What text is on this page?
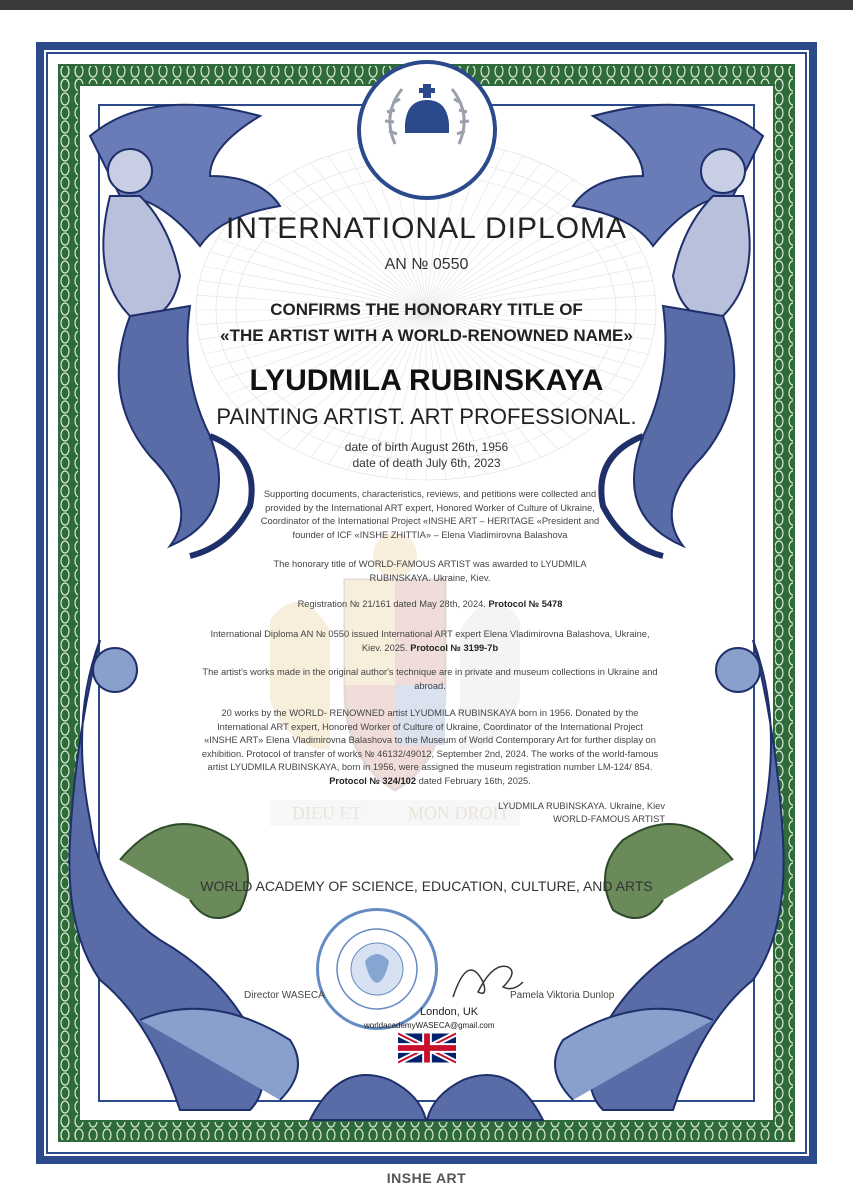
DIEU ET	MON DROIT
INTERNATIONAL DIPLOMA
AN № 0550
CONFIRMS THE HONORARY TITLE OF
«THE ARTIST WITH A WORLD-RENOWNED NAME»
LYUDMILA RUBINSKAYA
PAINTING ARTIST. ART PROFESSIONAL.
date of birth August 26th, 1956
date of death July 6th, 2023
Supporting documents, characteristics, reviews, and petitions were collected and provided by the International ART expert, Honored Worker of Culture of Ukraine, Coordinator of the International Project «INSHE ART – HERITAGE «President and founder of ICF «INSHE ZHITTIA» – Elena Vladimirovna Balashova
The honorary title of WORLD-FAMOUS ARTIST was awarded to LYUDMILA RUBINSKAYA. Ukraine, Kiev.
Registration № 21/161 dated May 28th, 2024. Protocol № 5478
International Diploma AN № 0550 issued International ART expert Elena Vladimirovna Balashova, Ukraine, Kiev. 2025. Protocol № 3199-7b
The artist's works made in the original author's technique are in private and museum collections in Ukraine and abroad.
20 works by the WORLD- RENOWNED artist LYUDMILA RUBINSKAYA born in 1956. Donated by the International ART expert, Honored Worker of Culture of Ukraine, Coordinator of the International Project «INSHE ART» Elena Vladimirovna Balashova to the Museum of World Contemporary Art for further display on exhibition. Protocol of transfer of works № 46132/49012, September 2nd, 2024. The works of the world-famous artist LYUDMILA RUBINSKAYA, born in 1956, were assigned the museum registration number LM-124/ 854. Protocol № 324/102 dated February 16th, 2025.
LYUDMILA RUBINSKAYA. Ukraine, Kiev
WORLD-FAMOUS ARTIST
WORLD ACADEMY OF SCIENCE, EDUCATION, CULTURE, AND ARTS
Director WASECA	Pamela Viktoria Dunlop
London, UK
worldacademyWASECA@gmail.com
INSHE ART
